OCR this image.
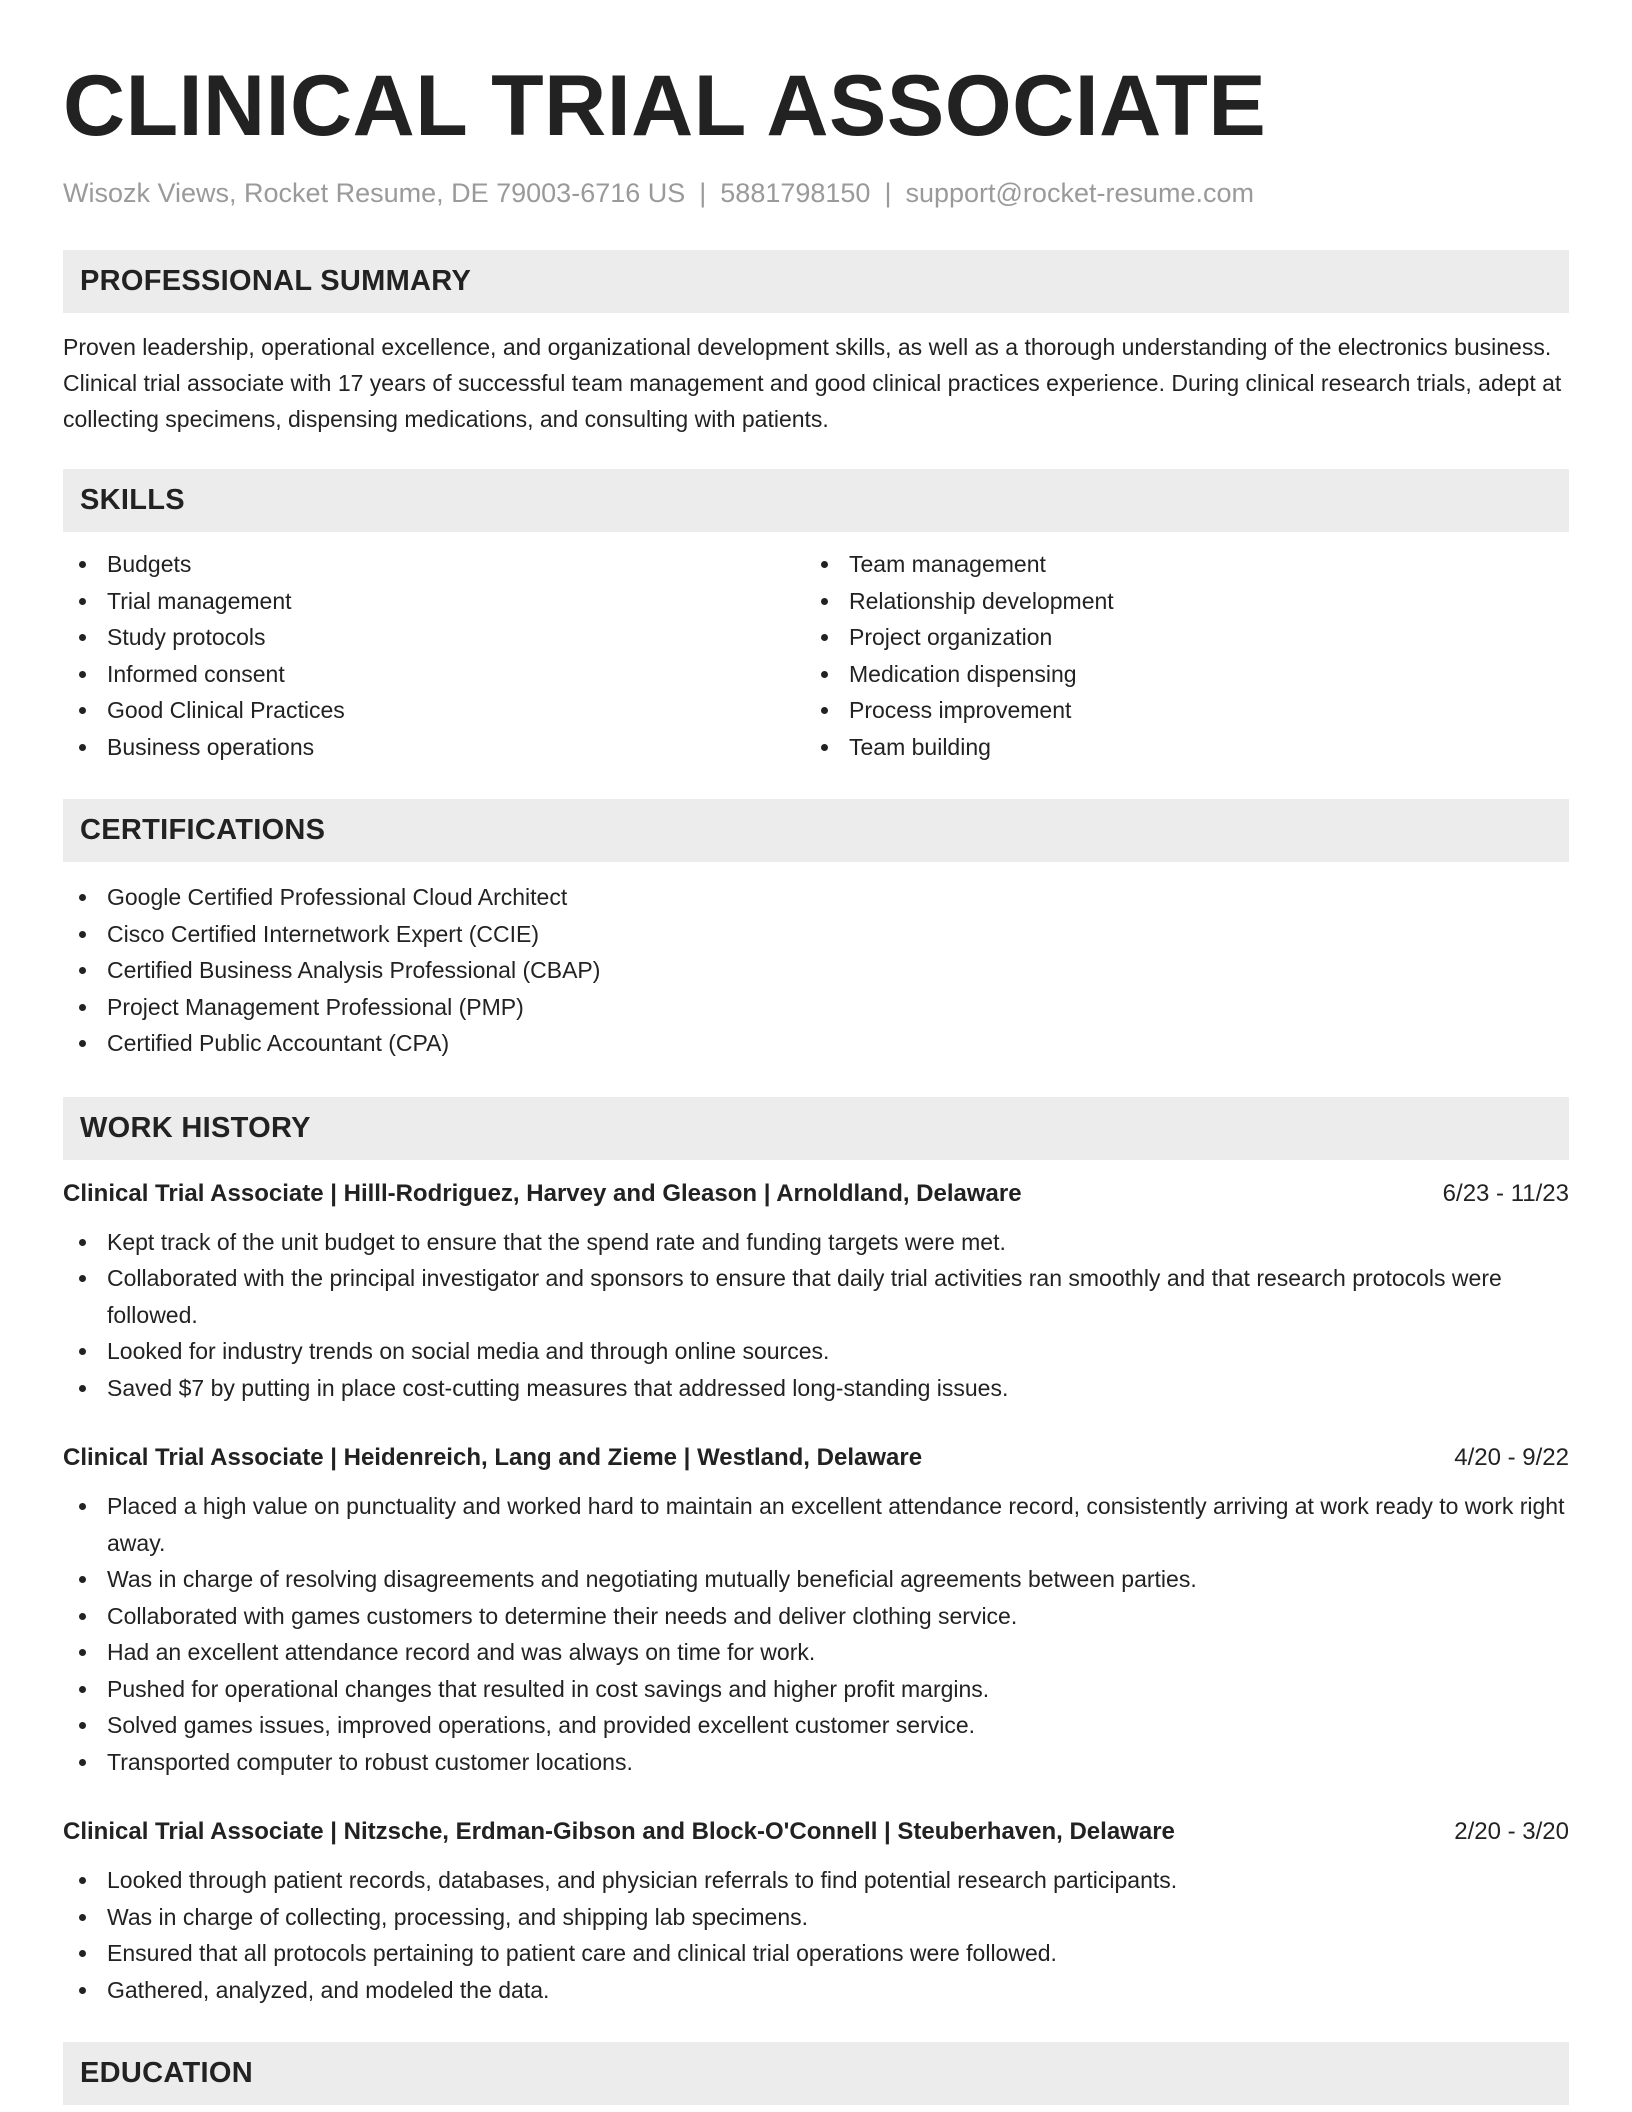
CLINICAL TRIAL ASSOCIATE
Wisozk Views, Rocket Resume, DE 79003-6716 US | 5881798150 | support@rocket-resume.com
PROFESSIONAL SUMMARY

Proven leadership, operational excellence, and organizational development skills, as well as a thorough understanding of the electronics business. Clinical trial associate with 17 years of successful team management and good clinical practices experience. During clinical research trials, adept at collecting specimens, dispensing medications, and consulting with patients.

SKILLS
Budgets
Trial management
Study protocols
Informed consent
Good Clinical Practices
Business operations
Team management
Relationship development
Project organization
Medication dispensing
Process improvement
Team building
CERTIFICATIONS
Google Certified Professional Cloud Architect
Cisco Certified Internetwork Expert (CCIE)
Certified Business Analysis Professional (CBAP)
Project Management Professional (PMP)
Certified Public Accountant (CPA)
WORK HISTORY
Clinical Trial Associate | Hilll-Rodriguez, Harvey and Gleason | Arnoldland, Delaware	6/23 - 11/23
Kept track of the unit budget to ensure that the spend rate and funding targets were met.
Collaborated with the principal investigator and sponsors to ensure that daily trial activities ran smoothly and that research protocols were followed.
Looked for industry trends on social media and through online sources.
Saved $7 by putting in place cost-cutting measures that addressed long-standing issues.
Clinical Trial Associate | Heidenreich, Lang and Zieme | Westland, Delaware	4/20 - 9/22
Placed a high value on punctuality and worked hard to maintain an excellent attendance record, consistently arriving at work ready to work right away.
Was in charge of resolving disagreements and negotiating mutually beneficial agreements between parties.
Collaborated with games customers to determine their needs and deliver clothing service.
Had an excellent attendance record and was always on time for work.
Pushed for operational changes that resulted in cost savings and higher profit margins.
Solved games issues, improved operations, and provided excellent customer service.
Transported computer to robust customer locations.
Clinical Trial Associate | Nitzsche, Erdman-Gibson and Block-O'Connell | Steuberhaven, Delaware	2/20 - 3/20
Looked through patient records, databases, and physician referrals to find potential research participants.
Was in charge of collecting, processing, and shipping lab specimens.
Ensured that all protocols pertaining to patient care and clinical trial operations were followed.
Gathered, analyzed, and modeled the data.
EDUCATION
